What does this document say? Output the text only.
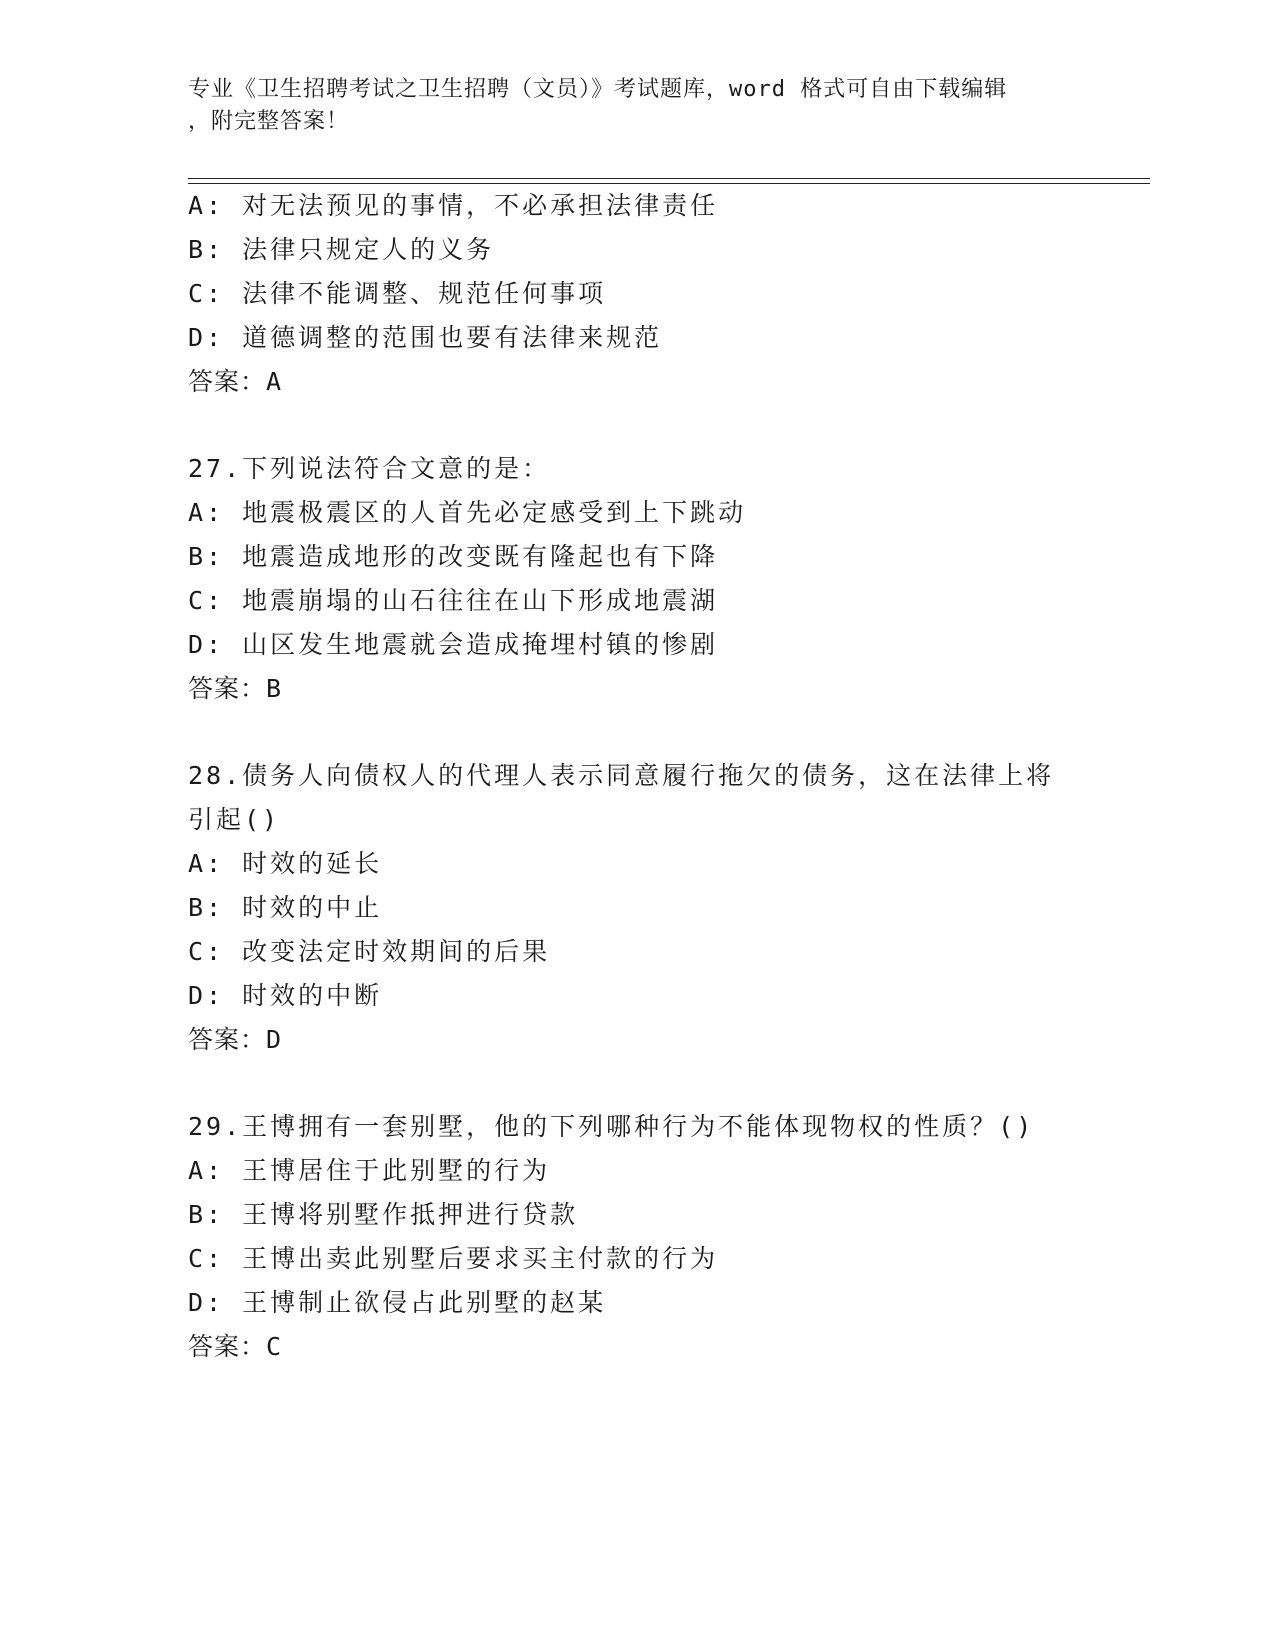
专业《卫生招聘考试之卫生招聘（文员）》考试题库，word 格式可自由下载编辑
，附完整答案！
A: 对无法预见的事情，不必承担法律责任
B: 法律只规定人的义务
C: 法律不能调整、规范任何事项
D: 道德调整的范围也要有法律来规范
答案：A
27.下列说法符合文意的是：
A: 地震极震区的人首先必定感受到上下跳动
B: 地震造成地形的改变既有隆起也有下降
C: 地震崩塌的山石往往在山下形成地震湖
D: 山区发生地震就会造成掩埋村镇的惨剧
答案：B
28.债务人向债权人的代理人表示同意履行拖欠的债务，这在法律上将
引起()
A: 时效的延长
B: 时效的中止
C: 改变法定时效期间的后果
D: 时效的中断
答案：D
29.王博拥有一套别墅，他的下列哪种行为不能体现物权的性质？()
A: 王博居住于此别墅的行为
B: 王博将别墅作抵押进行贷款
C: 王博出卖此别墅后要求买主付款的行为
D: 王博制止欲侵占此别墅的赵某
答案：C
